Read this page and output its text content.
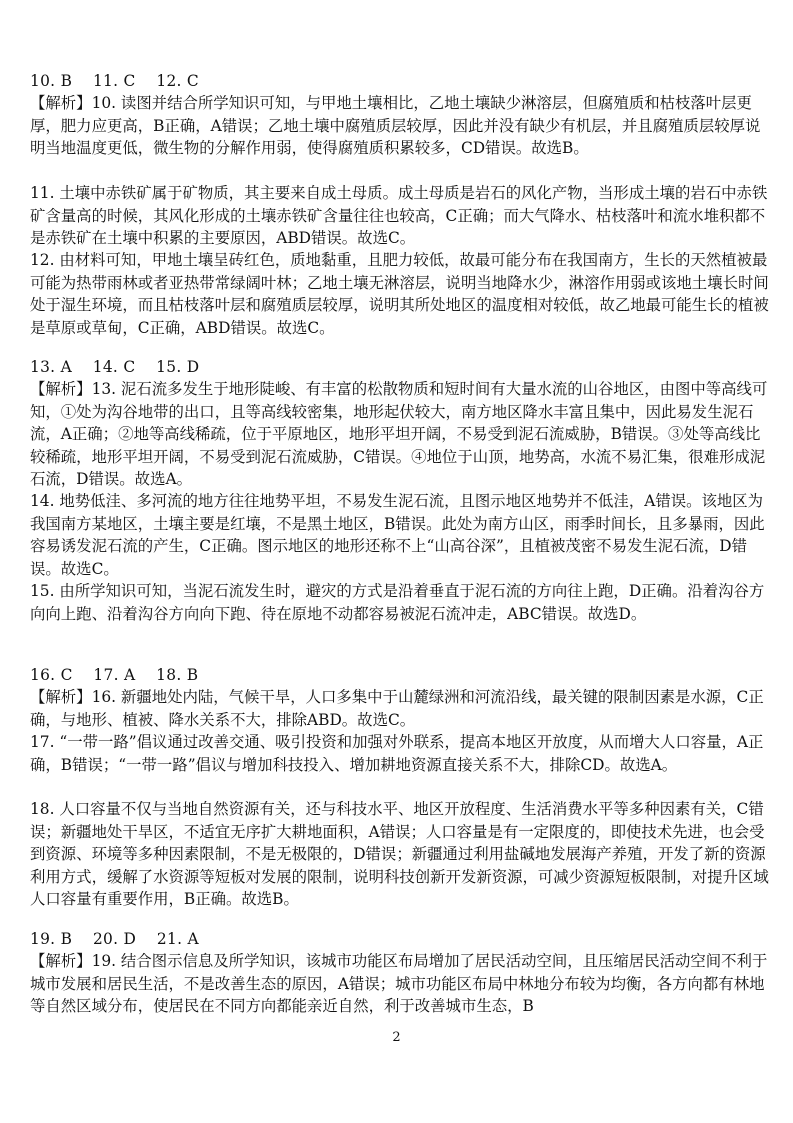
10. B    11. C    12. C

【解析】10. 读图并结合所学知识可知，与甲地土壤相比，乙地土壤缺少淋溶层，但腐殖质和枯枝落叶层更厚，肥力应更高，B正确，A错误；乙地土壤中腐殖质层较厚，因此并没有缺少有机层，并且腐殖质层较厚说明当地温度更低，微生物的分解作用弱，使得腐殖质积累较多，CD错误。故选B。

11. 土壤中赤铁矿属于矿物质，其主要来自成土母质。成土母质是岩石的风化产物，当形成土壤的岩石中赤铁矿含量高的时候，其风化形成的土壤赤铁矿含量往往也较高，C正确；而大气降水、枯枝落叶和流水堆积都不是赤铁矿在土壤中积累的主要原因，ABD错误。故选C。

12. 由材料可知，甲地土壤呈砖红色，质地黏重，且肥力较低，故最可能分布在我国南方，生长的天然植被最可能为热带雨林或者亚热带常绿阔叶林；乙地土壤无淋溶层，说明当地降水少，淋溶作用弱或该地土壤长时间处于湿生环境，而且枯枝落叶层和腐殖质层较厚，说明其所处地区的温度相对较低，故乙地最可能生长的植被是草原或草甸，C正确，ABD错误。故选C。

13. A    14. C    15. D

【解析】13. 泥石流多发生于地形陡峻、有丰富的松散物质和短时间有大量水流的山谷地区，由图中等高线可知，①处为沟谷地带的出口，且等高线较密集，地形起伏较大，南方地区降水丰富且集中，因此易发生泥石流，A正确；②地等高线稀疏，位于平原地区，地形平坦开阔，不易受到泥石流威胁，B错误。③处等高线比较稀疏，地形平坦开阔，不易受到泥石流威胁，C错误。④地位于山顶，地势高，水流不易汇集，很难形成泥石流，D错误。故选A。

14. 地势低洼、多河流的地方往往地势平坦，不易发生泥石流，且图示地区地势并不低洼，A错误。该地区为我国南方某地区，土壤主要是红壤，不是黑土地区，B错误。此处为南方山区，雨季时间长，且多暴雨，因此容易诱发泥石流的产生，C正确。图示地区的地形还称不上“山高谷深”，且植被茂密不易发生泥石流，D错误。故选C。

15. 由所学知识可知，当泥石流发生时，避灾的方式是沿着垂直于泥石流的方向往上跑，D正确。沿着沟谷方向向上跑、沿着沟谷方向向下跑、待在原地不动都容易被泥石流冲走，ABC错误。故选D。

16. C    17. A    18. B

【解析】16. 新疆地处内陆，气候干旱，人口多集中于山麓绿洲和河流沿线，最关键的限制因素是水源，C正确，与地形、植被、降水关系不大，排除ABD。故选C。

17. “一带一路”倡议通过改善交通、吸引投资和加强对外联系，提高本地区开放度，从而增大人口容量，A正确，B错误；“一带一路”倡议与增加科技投入、增加耕地资源直接关系不大，排除CD。故选A。

18. 人口容量不仅与当地自然资源有关，还与科技水平、地区开放程度、生活消费水平等多种因素有关，C错误；新疆地处干旱区，不适宜无序扩大耕地面积，A错误；人口容量是有一定限度的，即使技术先进，也会受到资源、环境等多种因素限制，不是无极限的，D错误；新疆通过利用盐碱地发展海产养殖，开发了新的资源利用方式，缓解了水资源等短板对发展的限制，说明科技创新开发新资源，可减少资源短板限制，对提升区域人口容量有重要作用，B正确。故选B。

19. B    20. D    21. A

【解析】19. 结合图示信息及所学知识，该城市功能区布局增加了居民活动空间，且压缩居民活动空间不利于城市发展和居民生活，不是改善生态的原因，A错误；城市功能区布局中林地分布较为均衡，各方向都有林地等自然区域分布，使居民在不同方向都能亲近自然，利于改善城市生态，B

2
